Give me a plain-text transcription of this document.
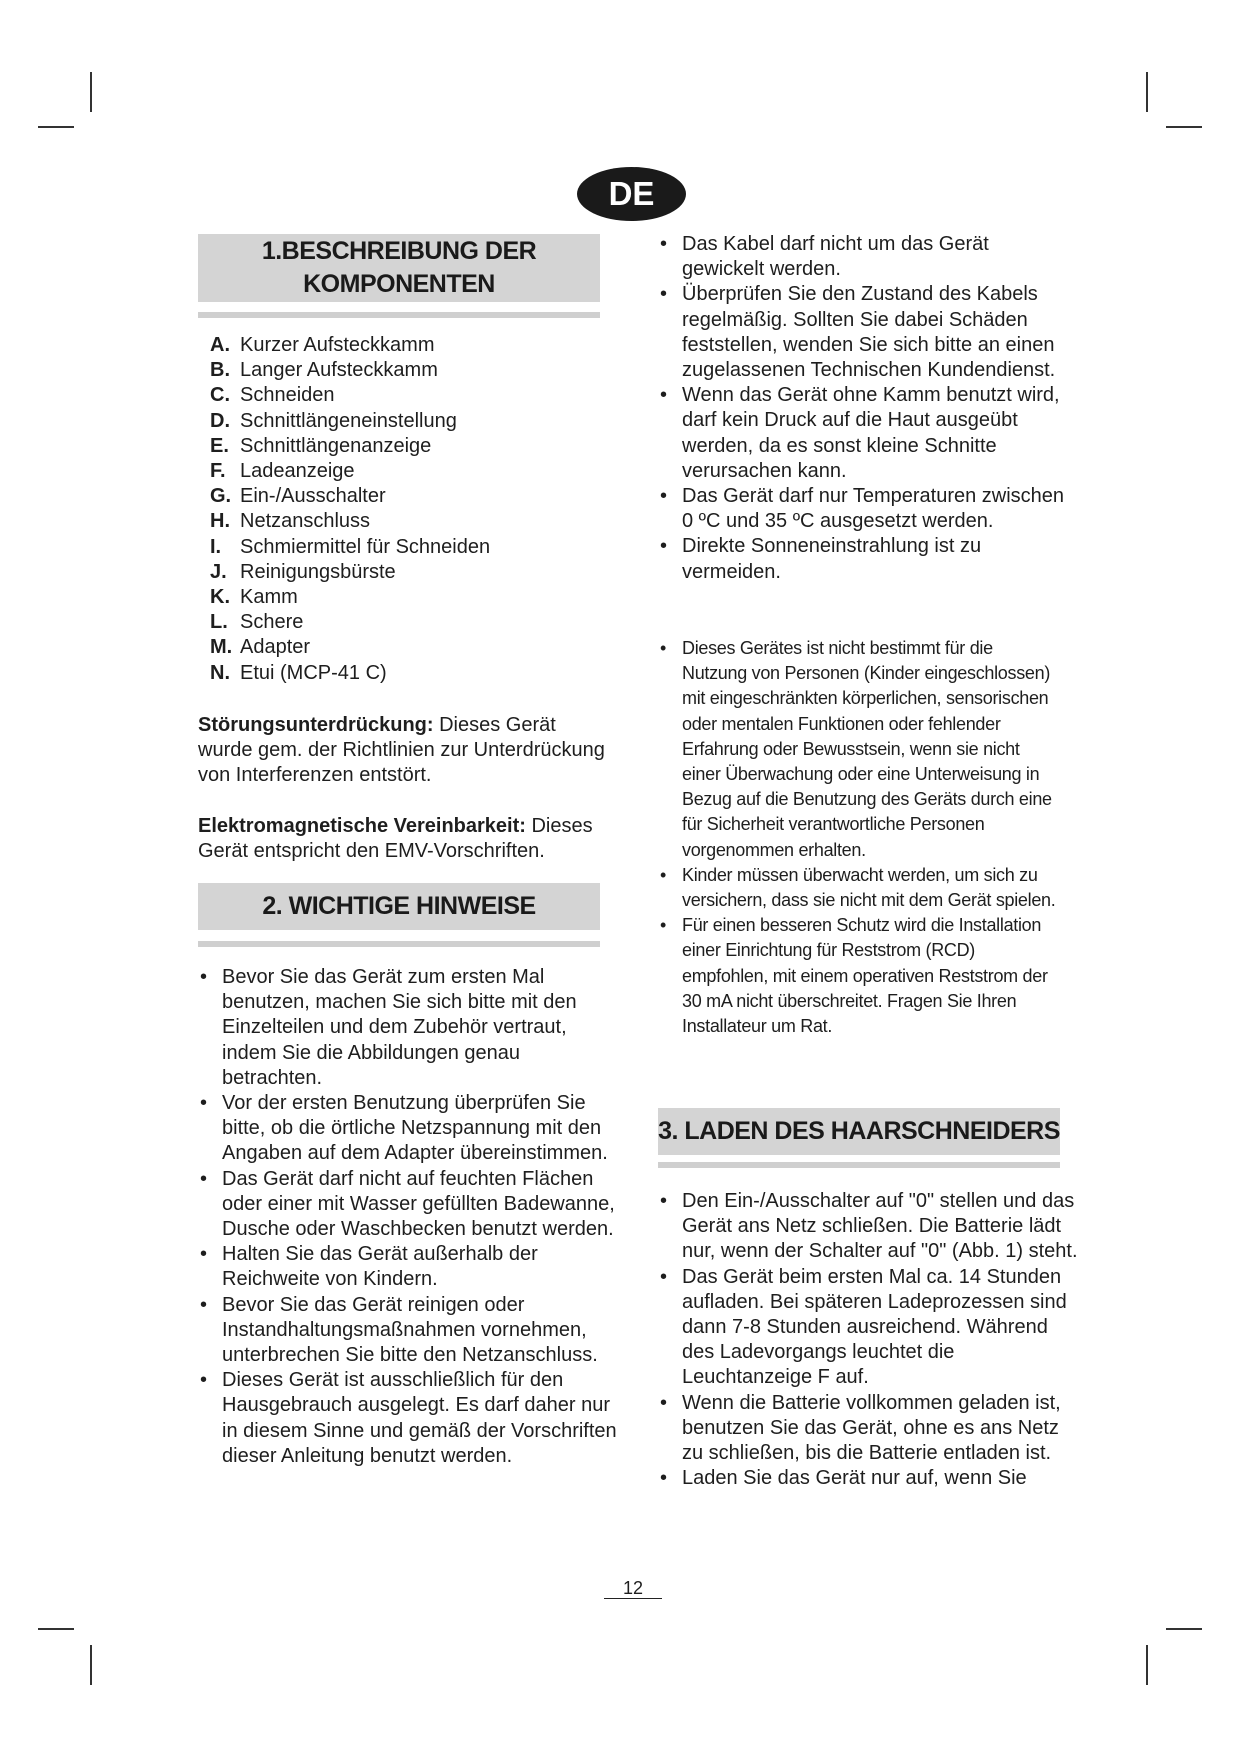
DE
1.BESCHREIBUNG DER
KOMPONENTEN
A. Kurzer Aufsteckkamm
B. Langer Aufsteckkamm
C. Schneiden
D. Schnittlängeneinstellung
E. Schnittlängenanzeige
F. Ladeanzeige
G. Ein-/Ausschalter
H. Netzanschluss
I. Schmiermittel für Schneiden
J. Reinigungsbürste
K. Kamm
L. Schere
M. Adapter
N. Etui (MCP-41 C)

Störungsunterdrückung: Dieses Gerät wurde gem. der Richtlinien zur Unterdrückung von Interferenzen entstört.

Elektromagnetische Vereinbarkeit: Dieses Gerät entspricht den EMV-Vorschriften.

2. WICHTIGE HINWEISE
• Bevor Sie das Gerät zum ersten Mal benutzen, machen Sie sich bitte mit den Einzelteilen und dem Zubehör vertraut, indem Sie die Abbildungen genau betrachten.
• Vor der ersten Benutzung überprüfen Sie bitte, ob die örtliche Netzspannung mit den Angaben auf dem Adapter übereinstimmen.
• Das Gerät darf nicht auf feuchten Flächen oder einer mit Wasser gefüllten Badewanne, Dusche oder Waschbecken benutzt werden.
• Halten Sie das Gerät außerhalb der Reichweite von Kindern.
• Bevor Sie das Gerät reinigen oder Instandhaltungsmaßnahmen vornehmen, unterbrechen Sie bitte den Netzanschluss.
• Dieses Gerät ist ausschließlich für den Hausgebrauch ausgelegt. Es darf daher nur in diesem Sinne und gemäß der Vorschriften dieser Anleitung benutzt werden.
• Das Kabel darf nicht um das Gerät gewickelt werden.
• Überprüfen Sie den Zustand des Kabels regelmäßig. Sollten Sie dabei Schäden feststellen, wenden Sie sich bitte an einen zugelassenen Technischen Kundendienst.
• Wenn das Gerät ohne Kamm benutzt wird, darf kein Druck auf die Haut ausgeübt werden, da es sonst kleine Schnitte verursachen kann.
• Das Gerät darf nur Temperaturen zwischen 0 ºC und 35 ºC ausgesetzt werden.
• Direkte Sonneneinstrahlung ist zu vermeiden.
• Dieses Gerätes ist nicht bestimmt für die Nutzung von Personen (Kinder eingeschlossen) mit eingeschränkten körperlichen, sensorischen oder mentalen Funktionen oder fehlender Erfahrung oder Bewusstsein, wenn sie nicht einer Überwachung oder eine Unterweisung in Bezug auf die Benutzung des Geräts durch eine für Sicherheit verantwortliche Personen vorgenommen erhalten.
• Kinder müssen überwacht werden, um sich zu versichern, dass sie nicht mit dem Gerät spielen.
• Für einen besseren Schutz wird die Installation einer Einrichtung für Reststrom (RCD) empfohlen, mit einem operativen Reststrom der 30 mA nicht überschreitet. Fragen Sie Ihren Installateur um Rat.
3. LADEN DES HAARSCHNEIDERS
• Den Ein-/Ausschalter auf "0" stellen und das Gerät ans Netz schließen. Die Batterie lädt nur, wenn der Schalter auf "0" (Abb. 1) steht.
• Das Gerät beim ersten Mal ca. 14 Stunden aufladen. Bei späteren Ladeprozessen sind dann 7-8 Stunden ausreichend. Während des Ladevorgangs leuchtet die Leuchtanzeige F auf.
• Wenn die Batterie vollkommen geladen ist, benutzen Sie das Gerät, ohne es ans Netz zu schließen, bis die Batterie entladen ist.
• Laden Sie das Gerät nur auf, wenn Sie
12
